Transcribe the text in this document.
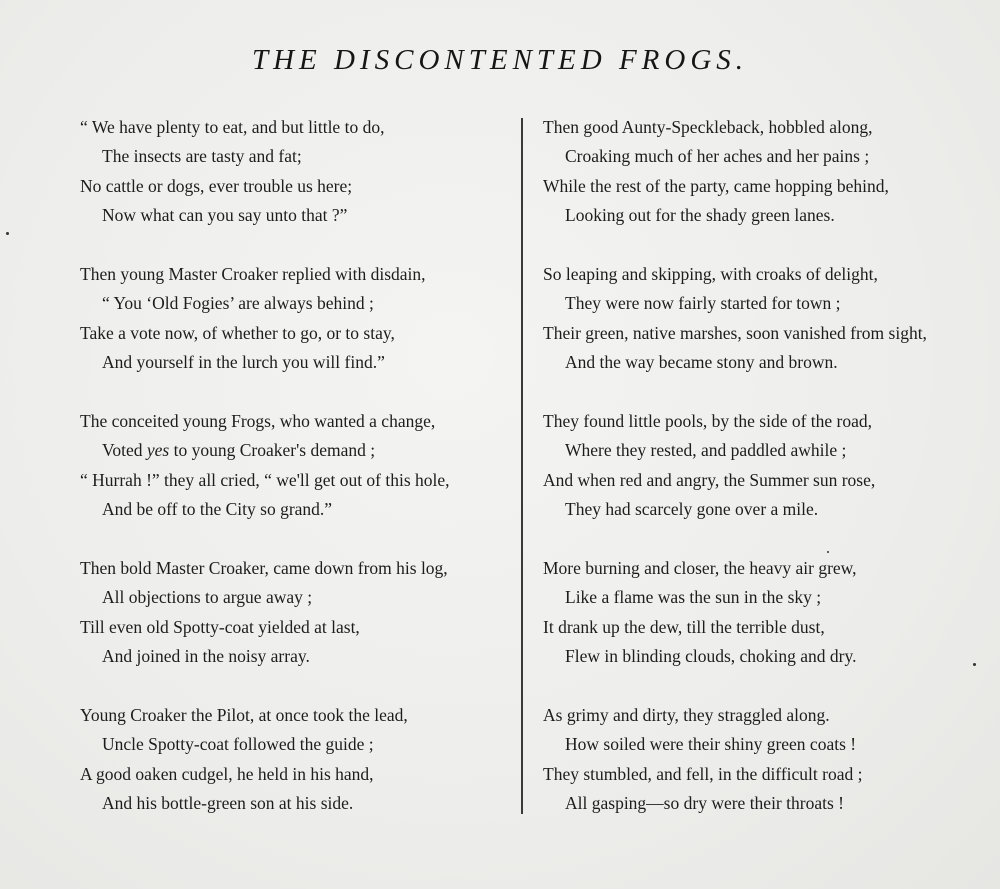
THE DISCONTENTED FROGS.
“ We have plenty to eat, and but little to do,
The insects are tasty and fat;
No cattle or dogs, ever trouble us here;
Now what can you say unto that ?”
Then young Master Croaker replied with disdain,
“ You ‘Old Fogies’ are always behind ;
Take a vote now, of whether to go, or to stay,
And yourself in the lurch you will find.”
The conceited young Frogs, who wanted a change,
Voted yes to young Croaker's demand ;
“ Hurrah !” they all cried, “ we'll get out of this hole,
And be off to the City so grand.”
Then bold Master Croaker, came down from his log,
All objections to argue away ;
Till even old Spotty-coat yielded at last,
And joined in the noisy array.
Young Croaker the Pilot, at once took the lead,
Uncle Spotty-coat followed the guide ;
A good oaken cudgel, he held in his hand,
And his bottle-green son at his side.
Then good Aunty-Speckleback, hobbled along,
Croaking much of her aches and her pains ;
While the rest of the party, came hopping behind,
Looking out for the shady green lanes.
So leaping and skipping, with croaks of delight,
They were now fairly started for town ;
Their green, native marshes, soon vanished from sight,
And the way became stony and brown.
They found little pools, by the side of the road,
Where they rested, and paddled awhile ;
And when red and angry, the Summer sun rose,
They had scarcely gone over a mile.
More burning and closer, the heavy air grew,
Like a flame was the sun in the sky ;
It drank up the dew, till the terrible dust,
Flew in blinding clouds, choking and dry.
As grimy and dirty, they straggled along.
How soiled were their shiny green coats !
They stumbled, and fell, in the difficult road ;
All gasping—so dry were their throats !
